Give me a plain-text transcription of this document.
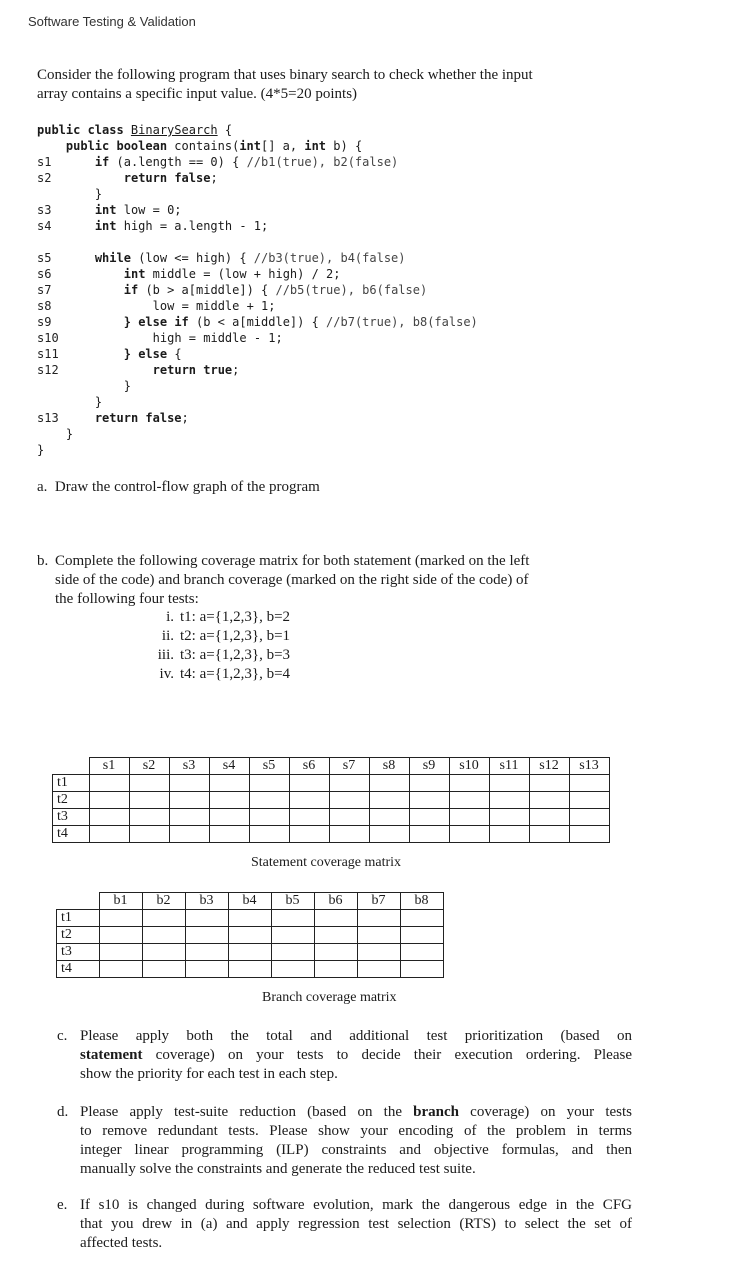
Software Testing & Validation
Consider the following program that uses binary search to check whether the input
array contains a specific input value. (4*5=20 points)
public class BinarySearch {
public boolean contains(int[] a, int b) {
s1	if (a.length == 0) { //b1(true), b2(false)
s2	return false;
}
s3	int low = 0;
s4	int high = a.length - 1;
s5	while (low <= high) { //b3(true), b4(false)
s6	int middle = (low + high) / 2;
s7	if (b > a[middle]) { //b5(true), b6(false)
s8	low = middle + 1;
s9	} else if (b < a[middle]) { //b7(true), b8(false)
s10	high = middle - 1;
s11	} else {
s12	return true;
}
}
s13	return false;
}
}
a. Draw the control-flow graph of the program
b. Complete the following coverage matrix for both statement (marked on the left
side of the code) and branch coverage (marked on the right side of the code) of
the following four tests:
i. t1: a={1,2,3}, b=2
ii. t2: a={1,2,3}, b=1
iii. t3: a={1,2,3}, b=3
iv. t4: a={1,2,3}, b=4
	s1	s2	s3	s4	s5	s6	s7	s8	s9	s10	s11	s12	s13
t1													
t2													
t3													
t4													
Statement coverage matrix
	b1	b2	b3	b4	b5	b6	b7	b8
t1								
t2								
t3								
t4								
Branch coverage matrix
c. Please apply both the total and additional test prioritization (based on
statement coverage) on your tests to decide their execution ordering. Please
show the priority for each test in each step.
d. Please apply test-suite reduction (based on the branch coverage) on your tests
to remove redundant tests. Please show your encoding of the problem in terms
integer linear programming (ILP) constraints and objective formulas, and then
manually solve the constraints and generate the reduced test suite.
e. If s10 is changed during software evolution, mark the dangerous edge in the CFG
that you drew in (a) and apply regression test selection (RTS) to select the set of
affected tests.
